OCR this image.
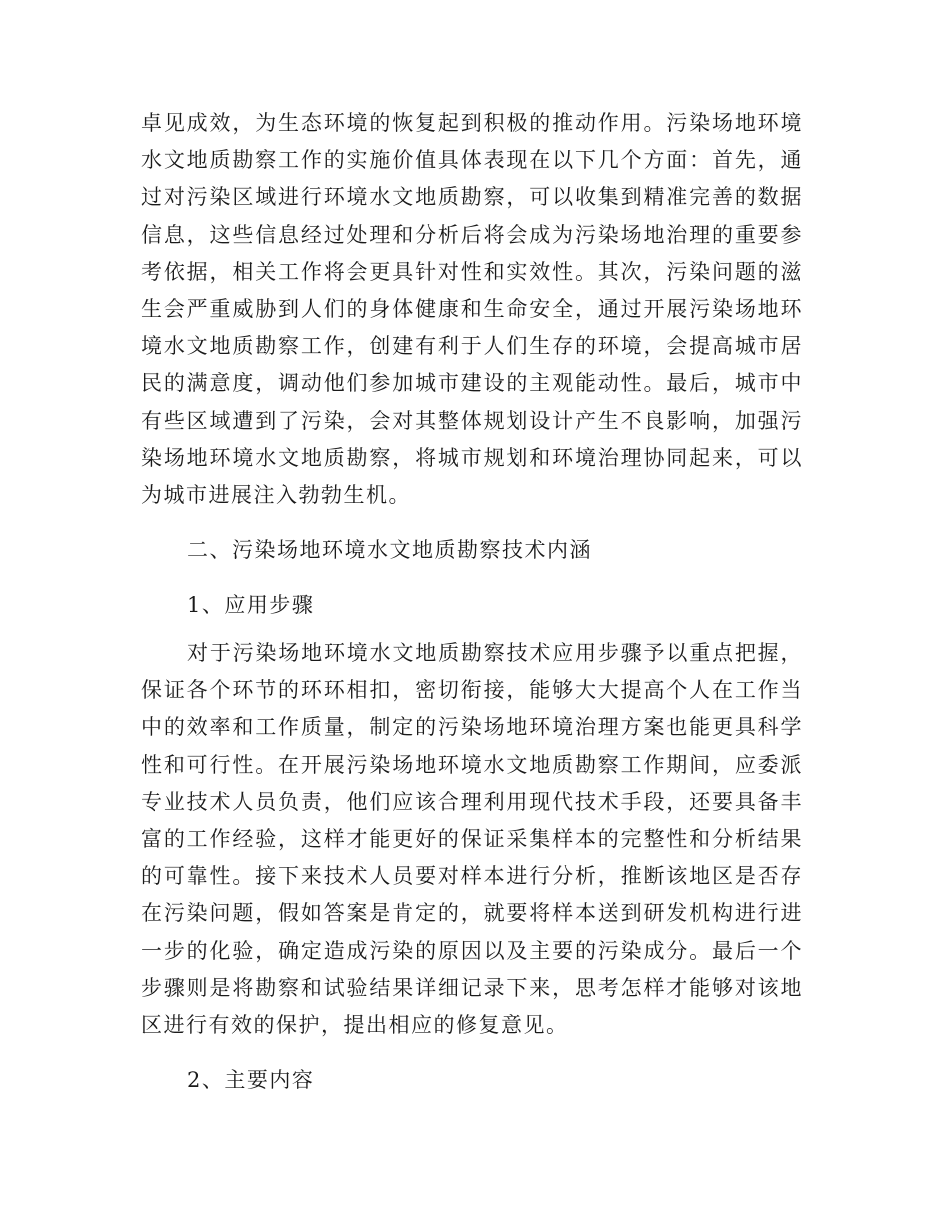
卓见成效，为生态环境的恢复起到积极的推动作用。污染场地环境水文地质勘察工作的实施价值具体表现在以下几个方面：首先，通过对污染区域进行环境水文地质勘察，可以收集到精准完善的数据信息，这些信息经过处理和分析后将会成为污染场地治理的重要参考依据，相关工作将会更具针对性和实效性。其次，污染问题的滋生会严重威胁到人们的身体健康和生命安全，通过开展污染场地环境水文地质勘察工作，创建有利于人们生存的环境，会提高城市居民的满意度，调动他们参加城市建设的主观能动性。最后，城市中有些区域遭到了污染，会对其整体规划设计产生不良影响，加强污染场地环境水文地质勘察，将城市规划和环境治理协同起来，可以为城市进展注入勃勃生机。

二、污染场地环境水文地质勘察技术内涵

1、应用步骤

对于污染场地环境水文地质勘察技术应用步骤予以重点把握，保证各个环节的环环相扣，密切衔接，能够大大提高个人在工作当中的效率和工作质量，制定的污染场地环境治理方案也能更具科学性和可行性。在开展污染场地环境水文地质勘察工作期间，应委派专业技术人员负责，他们应该合理利用现代技术手段，还要具备丰富的工作经验，这样才能更好的保证采集样本的完整性和分析结果的可靠性。接下来技术人员要对样本进行分析，推断该地区是否存在污染问题，假如答案是肯定的，就要将样本送到研发机构进行进一步的化验，确定造成污染的原因以及主要的污染成分。最后一个步骤则是将勘察和试验结果详细记录下来，思考怎样才能够对该地区进行有效的保护，提出相应的修复意见。

2、主要内容
